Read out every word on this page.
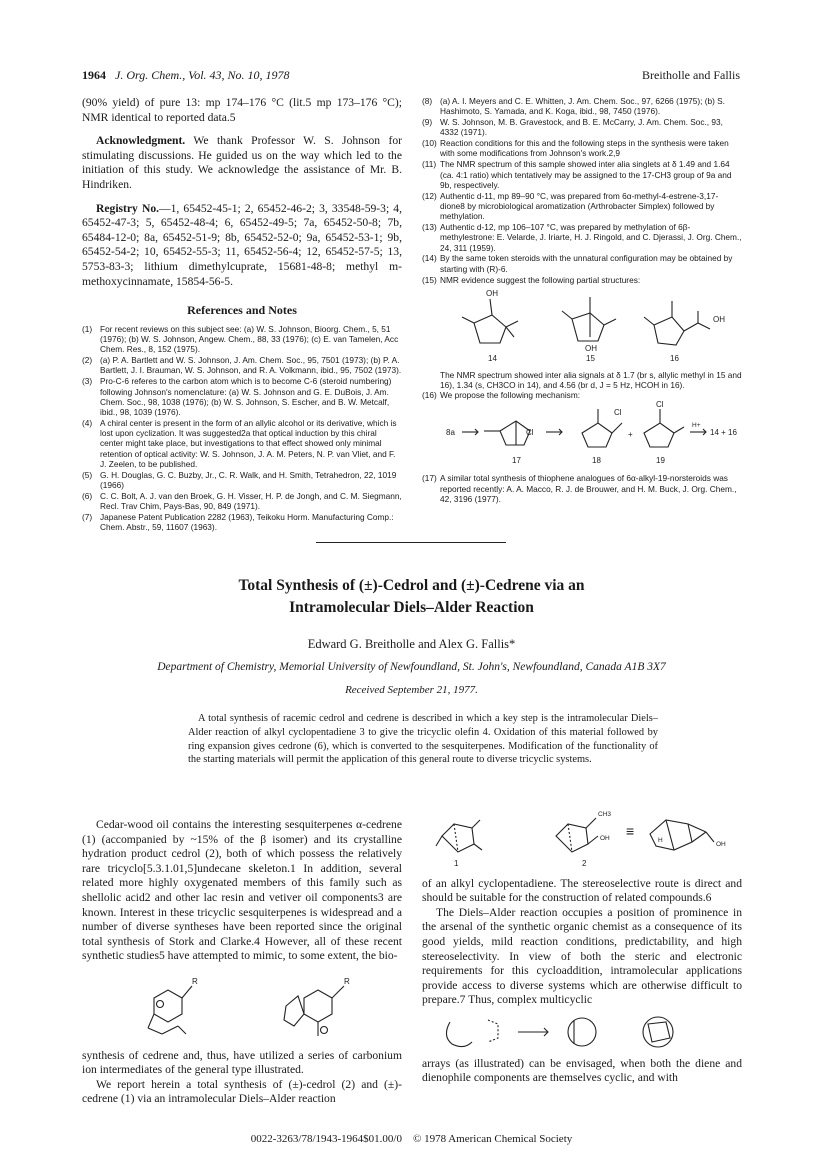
1964 J. Org. Chem., Vol. 43, No. 10, 1978	Breitholle and Fallis

(90% yield) of pure 13: mp 174–176 °C (lit.5 mp 173–176 °C); NMR identical to reported data.5

Acknowledgment. We thank Professor W. S. Johnson for stimulating discussions. He guided us on the way which led to the initiation of this study. We acknowledge the assistance of Mr. B. Hindriken.

Registry No.—1, 65452-45-1; 2, 65452-46-2; 3, 33548-59-3; 4, 65452-47-3; 5, 65452-48-4; 6, 65452-49-5; 7a, 65452-50-8; 7b, 65484-12-0; 8a, 65452-51-9; 8b, 65452-52-0; 9a, 65452-53-1; 9b, 65452-54-2; 10, 65452-55-3; 11, 65452-56-4; 12, 65452-57-5; 13, 5753-83-3; lithium dimethylcuprate, 15681-48-8; methyl m-methoxycinnamate, 15854-56-5.

References and Notes
(1) For recent reviews on this subject see: (a) W. S. Johnson, Bioorg. Chem., 5, 51 (1976); (b) W. S. Johnson, Angew. Chem., 88, 33 (1976); (c) E. van Tamelen, Acc Chem. Res., 8, 152 (1975).
(2) (a) P. A. Bartlett and W. S. Johnson, J. Am. Chem. Soc., 95, 7501 (1973); (b) P. A. Bartlett, J. I. Brauman, W. S. Johnson, and R. A. Volkmann, ibid., 95, 7502 (1973).
(3) Pro-C-6 referes to the carbon atom which is to become C-6 (steroid numbering) following Johnson's nomenclature: (a) W. S. Johnson and G. E. DuBois, J. Am. Chem. Soc., 98, 1038 (1976); (b) W. S. Johnson, S. Escher, and B. W. Metcalf, ibid., 98, 1039 (1976).
(4) A chiral center is present in the form of an allylic alcohol or its derivative, which is lost upon cyclization. It was suggested2a that optical induction by this chiral center might take place, but investigations to that effect showed only minimal retention of optical activity: W. S. Johnson, J. A. M. Peters, N. P. van Vliet, and F. J. Zeelen, to be published.
(5) G. H. Douglas, G. C. Buzby, Jr., C. R. Walk, and H. Smith, Tetrahedron, 22, 1019 (1966)
(6) C. C. Bolt, A. J. van den Broek, G. H. Visser, H. P. de Jongh, and C. M. Siegmann, Recl. Trav Chim, Pays-Bas, 90, 849 (1971).
(7) Japanese Patent Publication 2282 (1963), Teikoku Horm. Manufacturing Comp.: Chem. Abstr., 59, 11607 (1963).
(8) (a) A. I. Meyers and C. E. Whitten, J. Am. Chem. Soc., 97, 6266 (1975); (b) S. Hashimoto, S. Yamada, and K. Koga, ibid., 98, 7450 (1976).
(9) W. S. Johnson, M. B. Gravestock, and B. E. McCarry, J. Am. Chem. Soc., 93, 4332 (1971).
(10) Reaction conditions for this and the following steps in the synthesis were taken with some modifications from Johnson's work.2,9
(11) The NMR spectrum of this sample showed inter alia singlets at δ 1.49 and 1.64 (ca. 4:1 ratio) which tentatively may be assigned to the 17-CH3 group of 9a and 9b, respectively.
(12) Authentic d-11, mp 89–90 °C, was prepared from 6α-methyl-4-estrene-3,17-dione8 by microbiological aromatization (Arthrobacter Simplex) followed by methylation.
(13) Authentic d-12, mp 106–107 °C, was prepared by methylation of 6β-methylestrone: E. Velarde, J. Iriarte, H. J. Ringold, and C. Djerassi, J. Org. Chem., 24, 311 (1959).
(14) By the same token steroids with the unnatural configuration may be obtained by starting with (R)-6.
(15) NMR evidence suggest the following partial structures:
OH
14
OH
15
OH
16
The NMR spectrum showed inter alia signals at δ 1.7 (br s, allylic methyl in 15 and 16), 1.34 (s, CH3CO in 14), and 4.56 (br d, J = 5 Hz, HCOH in 16).
(16) We propose the following mechanism:
8a	Cl
17
Cl
18
+
Cl
19
H+
14 + 16
(17) A similar total synthesis of thiophene analogues of 6α-alkyl-19-norsteroids was reported recently: A. A. Macco, R. J. de Brouwer, and H. M. Buck, J. Org. Chem., 42, 3196 (1977).
Total Synthesis of (±)-Cedrol and (±)-Cedrene via an
Intramolecular Diels–Alder Reaction
Edward G. Breitholle and Alex G. Fallis*
Department of Chemistry, Memorial University of Newfoundland, St. John's, Newfoundland, Canada A1B 3X7
Received September 21, 1977.
A total synthesis of racemic cedrol and cedrene is described in which a key step is the intramolecular Diels–Alder reaction of alkyl cyclopentadiene 3 to give the tricyclic olefin 4. Oxidation of this material followed by ring expansion gives cedrone (6), which is converted to the sesquiterpenes. Modification of the functionality of the starting materials will permit the application of this general route to diverse tricyclic systems.

Cedar-wood oil contains the interesting sesquiterpenes α-cedrene (1) (accompanied by ~15% of the β isomer) and its crystalline hydration product cedrol (2), both of which possess the relatively rare tricyclo[5.3.1.01,5]undecane skeleton.1 In addition, several related more highly oxygenated members of this family such as shellolic acid2 and other lac resin and vetiver oil components3 are known. Interest in these tricyclic sesquiterpenes is widespread and a number of diverse syntheses have been reported since the original total synthesis of Stork and Clarke.4 However, all of these recent synthetic studies5 have attempted to mimic, to some extent, the bio-

R	R

synthesis of cedrene and, thus, have utilized a series of carbonium ion intermediates of the general type illustrated.

We report herein a total synthesis of (±)-cedrol (2) and (±)-cedrene (1) via an intramolecular Diels–Alder reaction

1
CH3
OH
2
≡
H
OH

of an alkyl cyclopentadiene. The stereoselective route is direct and should be suitable for the construction of related compounds.6

The Diels–Alder reaction occupies a position of prominence in the arsenal of the synthetic organic chemist as a consequence of its good yields, mild reaction conditions, predictability, and high stereoselectivity. In view of both the steric and electronic requirements for this cycloaddition, intramolecular applications provide access to diverse systems which are otherwise difficult to prepare.7 Thus, complex multicyclic

arrays (as illustrated) can be envisaged, when both the diene and dienophile components are themselves cyclic, and with

0022-3263/78/1943-1964$01.00/0 © 1978 American Chemical Society
